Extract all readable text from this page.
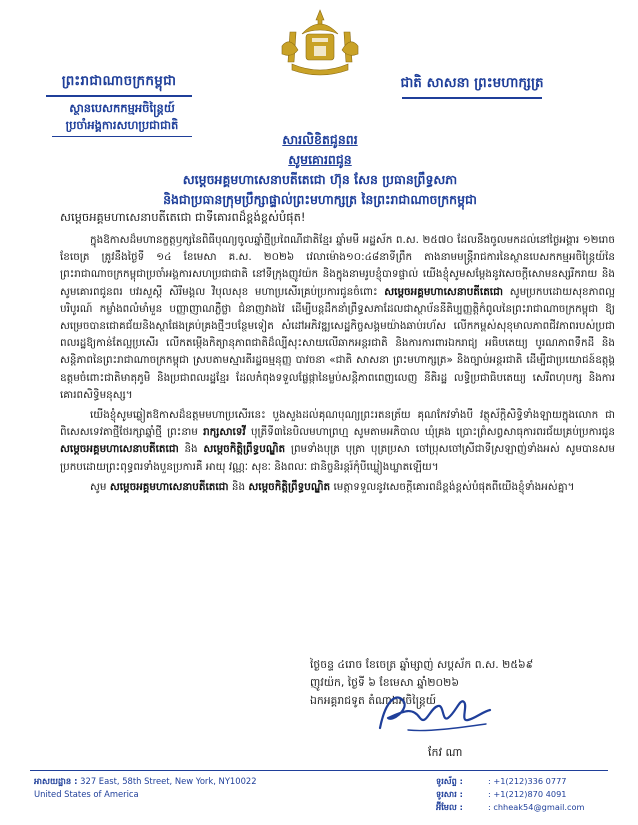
ព្រះរាជាណាចក្រកម្ពុជា
ស្ថានបេសកកម្មអចិន្ត្រៃយ៍
ប្រចាំអង្គការសហប្រជាជាតិ
ជាតិ សាសនា ព្រះមហាក្សត្រ
សារលិខិតជូនពរ
សូមគោរពជូន
សម្តេចអគ្គមហាសេនាបតីតេជោ ហ៊ុន សែន ប្រធានព្រឹទ្ធសភា
និងជាប្រធានក្រុមប្រឹក្សាផ្ទាល់ព្រះមហាក្សត្រ នៃព្រះរាជាណាចក្រកម្ពុជា
សម្តេចអគ្គមហាសេនាបតីតេជោ ជាទីគោរពដ៏ខ្ពង់ខ្ពស់បំផុត!

ក្នុងឱកាសដ៏មហានក្ខត្តឫក្សនៃពិធីបុណ្យចូលឆ្នាំថ្មីប្រពៃណីជាតិខ្មែរ ឆ្នាំមមី អដ្ឋស័ក ព.ស. ២៥៧០ ដែលនឹងចូលមកដល់នៅថ្ងៃអង្គារ ១២រោច ខែចេត្រ ត្រូវនឹងថ្ងៃទី ១៤ ខែមេសា គ.ស. ២០២៦ វេលាម៉ោង១០:៤៨នាទីព្រឹក តាងនាមមន្ត្រីរាជការនៃស្ថានបេសកកម្មអចិន្ត្រៃយ៍នៃព្រះរាជាណាចក្រកម្ពុជាប្រចាំអង្គការសហប្រជាជាតិ នៅទីក្រុងញូវយ៉ក និងក្នុងនាមរូបខ្ញុំបាទផ្ទាល់ យើងខ្ញុំសូមសម្តែងនូវសេចក្តីសោមនស្សរីករាយ និងសូមគោរពជូនពរ បវរសួស្តី សិរីមង្គល វិបុលសុខ មហាប្រសើរគ្រប់ប្រការជូនចំពោះ សម្តេចអគ្គមហាសេនាបតីតេជោ សូមប្រកបដោយសុខភាពល្អ បរិបូរណ៍ កម្លាំងពលំមាំមួន បញ្ញាញាណភ្លឺថ្លា ជំនាញវាងវៃ ដើម្បីបន្តដឹកនាំព្រឹទ្ធសភាដែលជាស្ថាប័ននីតិប្បញ្ញត្តិកំពូលនៃព្រះរាជាណាចក្រកម្ពុជា ឱ្យសម្រេចបានជោគជ័យនិងស្ថាផែងគ្រប់គ្រងថ្មីៗបន្ថែមទៀត សំដៅអភិវឌ្ឍសេដ្ឋកិច្ចសង្គមយ៉ាងឆាប់រហ័ស លើកកម្ពស់សុខុមាលភាពជីវភាពរបស់ប្រជាពលរដ្ឋឱ្យកាន់តែល្អប្រសើរ លើកតម្កើងកិត្យានុភាពជាតិដ៏ល្បីសុះសាយលើឆាកអន្តរជាតិ និងការការពារឯករាជ្យ អធិបតេយ្យ បូរណភាពទឹកដី និងសន្តិភាពនៃព្រះរាជាណាចក្រកម្ពុជា ស្របតាមស្មារតីរដ្ឋធម្មនុញ្ញ បាវចនា «ជាតិ សាសនា ព្រះមហាក្សត្រ» និងច្បាប់អន្តរជាតិ ដើម្បីជាប្រយោជន៍ឧត្តុង្គឧត្តមចំពោះជាតិមាតុភូមិ និងប្រជាពលរដ្ឋខ្មែរ ដែលកំពុងទទួលផ្លែផ្កានៃម្លប់សន្តិភាពពេញលេញ នីតិរដ្ឋ លទ្ធិប្រជាធិបតេយ្យ សេរីពហុបក្ស និងការគោរពសិទ្ធិមនុស្ស។

យើងខ្ញុំសូមឆ្លៀតឱកាសដ៏ឧត្តមមហាប្រសើរនេះ បួងសួងដល់គុណបុណ្យព្រះរតនត្រ័យ គុណកែវទាំងបី វត្ថុស័ក្តិសិទ្ធិទាំងឡាយក្នុងលោក ជាពិសេសទេវតាថ្មីថែរក្សាឆ្នាំថ្មី ព្រះនាម រាក្សសាទេវី បុត្រីទី៣នៃបិលមហាព្រហ្ម សូមតាមអភិបាល ឃុំគ្រង ប្រោះព្រំសព្វសាធុការពរជ័យគ្រប់ប្រការជូន សម្តេចអគ្គមហាសេនាបតីតេជោ និង សម្តេចកិត្តិព្រឹទ្ធបណ្ឌិត ព្រមទាំងបុត្រ បុត្រា បុត្រប្រសា ចៅប្រុសចៅស្រីជាទីស្រឡាញ់ទាំងអស់ សូមបានសមប្រកបដោយព្រះពុទ្ធពរទាំងបួនប្រការគឺ អាយុ វណ្ណៈ សុខៈ និងពលៈ ជានិច្ចនិរន្តរ៍កុំបីឃ្លៀងឃ្លាតឡើយ។

សូម សម្តេចអគ្គមហាសេនាបតីតេជោ និង សម្តេចកិត្តិព្រឹទ្ធបណ្ឌិត មេត្តាទទួលនូវសេចក្តីគោរពដ៏ខ្ពង់ខ្ពស់បំផុតពីយើងខ្ញុំទាំងអស់គ្នា។

ថ្ងៃចន្ទ ៤រោច ខែចេត្រ ឆ្នាំម្សាញ់ សប្តស័ក ព.ស. ២៥៦៩
ញូវយ៉ក, ថ្ងៃទី ៦ ខែមេសា ឆ្នាំ២០២៦
ឯកអគ្គរាជទូត តំណាងអចិន្ត្រៃយ៍
កែវ ណា
អាសយដ្ឋាន : 327 East, 58th Street, New York, NY10022
United States of America
ទូរស័ព្ទ :	: +1(212)336 0777
ទូរសារ :	: +1(212)870 4091
អ៊ីមែល :	: chheak54@gmail.com
